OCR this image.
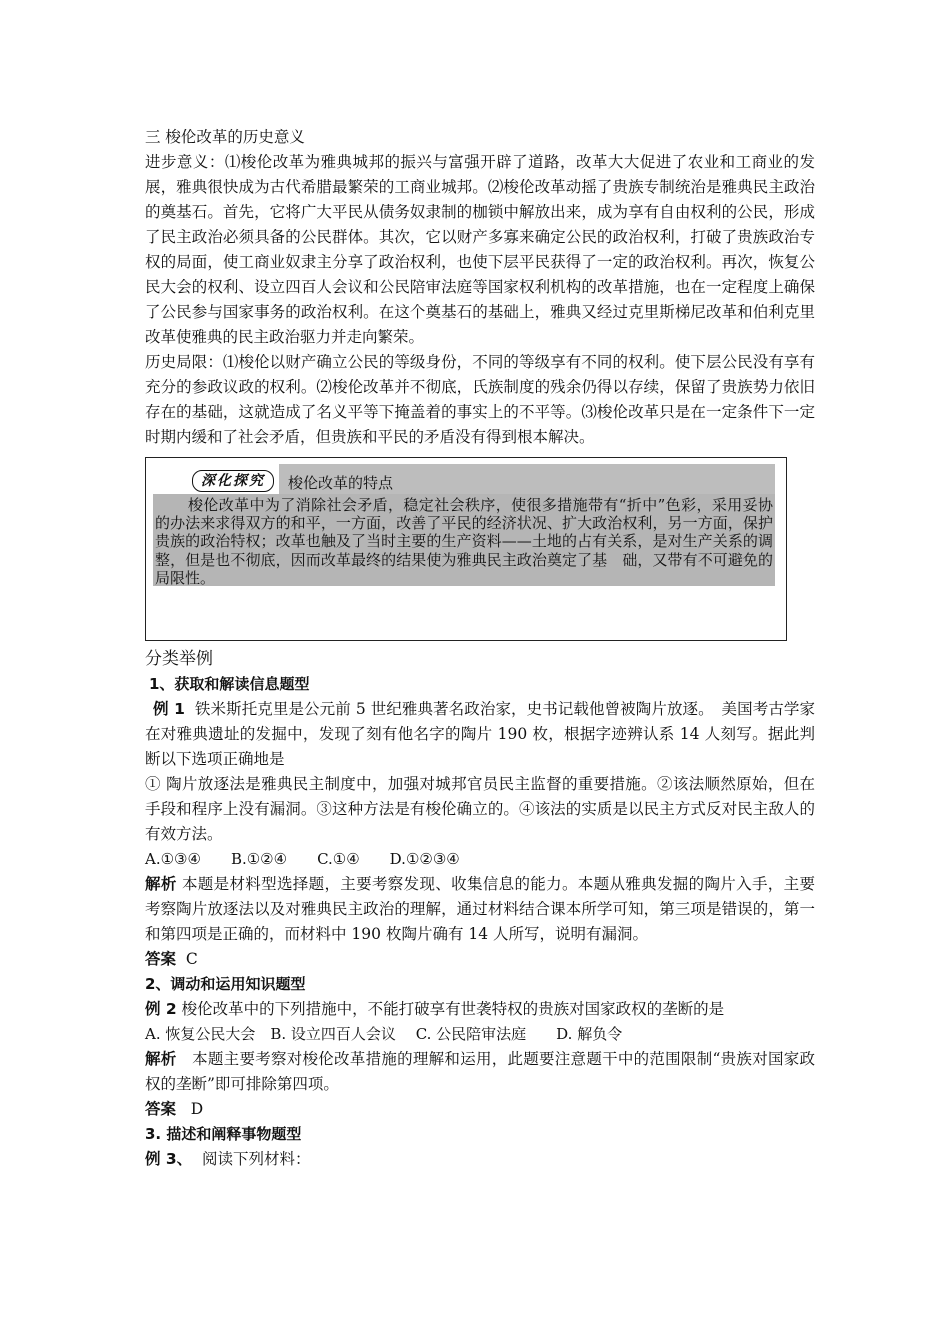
三 梭伦改革的历史意义

进步意义：⑴梭伦改革为雅典城邦的振兴与富强开辟了道路，改革大大促进了农业和工商业的发展，雅典很快成为古代希腊最繁荣的工商业城邦。⑵梭伦改革动摇了贵族专制统治是雅典民主政治的奠基石。首先，它将广大平民从债务奴隶制的枷锁中解放出来，成为享有自由权利的公民，形成了民主政治必须具备的公民群体。其次，它以财产多寡来确定公民的政治权利，打破了贵族政治专权的局面，使工商业奴隶主分享了政治权利，也使下层平民获得了一定的政治权利。再次，恢复公民大会的权利、设立四百人会议和公民陪审法庭等国家权利机构的改革措施，也在一定程度上确保了公民参与国家事务的政治权利。在这个奠基石的基础上，雅典又经过克里斯梯尼改革和伯利克里改革使雅典的民主政治驱力并走向繁荣。

历史局限：⑴梭伦以财产确立公民的等级身份，不同的等级享有不同的权利。使下层公民没有享有充分的参政议政的权利。⑵梭伦改革并不彻底，氏族制度的残余仍得以存续，保留了贵族势力依旧存在的基础，这就造成了名义平等下掩盖着的事实上的不平等。⑶梭伦改革只是在一定条件下一定时期内缓和了社会矛盾，但贵族和平民的矛盾没有得到根本解决。

深化探究	梭伦改革的特点
梭伦改革中为了消除社会矛盾，稳定社会秩序，使很多措施带有“折中”色彩，采用妥协的办法来求得双方的和平，一方面，改善了平民的经济状况、扩大政治权利，另一方面，保护贵族的政治特权；改革也触及了当时主要的生产资料——土地的占有关系，是对生产关系的调整，但是也不彻底，因而改革最终的结果使为雅典民主政治奠定了基　础，又带有不可避免的局限性。

分类举例

1、获取和解读信息题型

例 1 铁米斯托克里是公元前 5 世纪雅典著名政治家，史书记载他曾被陶片放逐。　美国考古学家在对雅典遗址的发掘中，发现了刻有他名字的陶片 190 枚，根据字迹辨认系 14 人刻写。据此判断以下选项正确地是

① 陶片放逐法是雅典民主制度中，加强对城邦官员民主监督的重要措施。②该法顺然原始，但在手段和程序上没有漏洞。③这种方法是有梭伦确立的。④该法的实质是以民主方式反对民主敌人的有效方法。

A.①③④　　B.①②④　　C.①④　　D.①②③④

解析 本题是材料型选择题，主要考察发现、收集信息的能力。本题从雅典发掘的陶片入手，主要考察陶片放逐法以及对雅典民主政治的理解，通过材料结合课本所学可知，第三项是错误的，第一和第四项是正确的，而材料中 190 枚陶片确有 14 人所写，说明有漏洞。

答案 C

2、调动和运用知识题型

例 2 梭伦改革中的下列措施中，不能打破享有世袭特权的贵族对国家政权的垄断的是

A. 恢复公民大会　B. 设立四百人会议　 C. 公民陪审法庭　　D. 解负令

解析 本题主要考察对梭伦改革措施的理解和运用，此题要注意题干中的范围限制“贵族对国家政权的垄断”即可排除第四项。

答案 D

3. 描述和阐释事物题型

例 3、 阅读下列材料：
